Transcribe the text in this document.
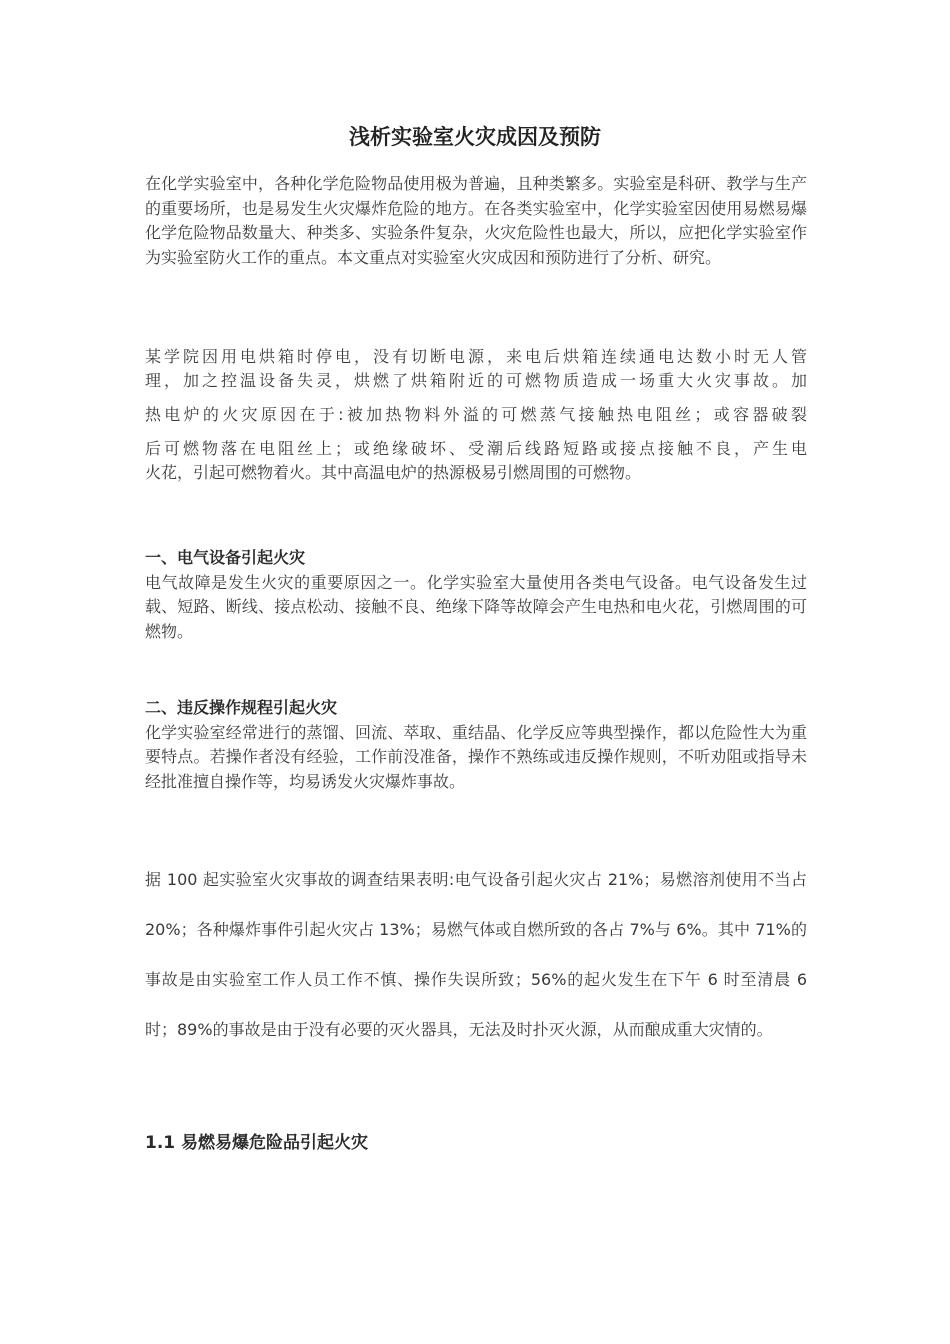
浅析实验室火灾成因及预防

在化学实验室中，各种化学危险物品使用极为普遍，且种类繁多。实验室是科研、教学与生产的重要场所，也是易发生火灾爆炸危险的地方。在各类实验室中，化学实验室因使用易燃易爆化学危险物品数量大、种类多、实验条件复杂，火灾危险性也最大，所以，应把化学实验室作为实验室防火工作的重点。本文重点对实验室火灾成因和预防进行了分析、研究。

某学院因用电烘箱时停电，没有切断电源，来电后烘箱连续通电达数小时无人管
理，加之控温设备失灵，烘燃了烘箱附近的可燃物质造成一场重大火灾事故。加
热电炉的火灾原因在于:被加热物料外溢的可燃蒸气接触热电阻丝；或容器破裂
后可燃物落在电阻丝上；或绝缘破坏、受潮后线路短路或接点接触不良，产生电
火花，引起可燃物着火。其中高温电炉的热源极易引燃周围的可燃物。

一、电气设备引起火灾
电气故障是发生火灾的重要原因之一。化学实验室大量使用各类电气设备。电气设备发生过载、短路、断线、接点松动、接触不良、绝缘下降等故障会产生电热和电火花，引燃周围的可燃物。
二、违反操作规程引起火灾
化学实验室经常进行的蒸馏、回流、萃取、重结晶、化学反应等典型操作，都以危险性大为重要特点。若操作者没有经验，工作前没准备，操作不熟练或违反操作规则，不听劝阻或指导未经批准擅自操作等，均易诱发火灾爆炸事故。

据 100 起实验室火灾事故的调查结果表明:电气设备引起火灾占 21%；易燃溶剂使用不当占 20%；各种爆炸事件引起火灾占 13%；易燃气体或自燃所致的各占 7%与 6%。其中 71%的事故是由实验室工作人员工作不慎、操作失误所致；56%的起火发生在下午 6 时至清晨 6 时；89%的事故是由于没有必要的灭火器具，无法及时扑灭火源，从而酿成重大灾情的。

1.1 易燃易爆危险品引起火灾
